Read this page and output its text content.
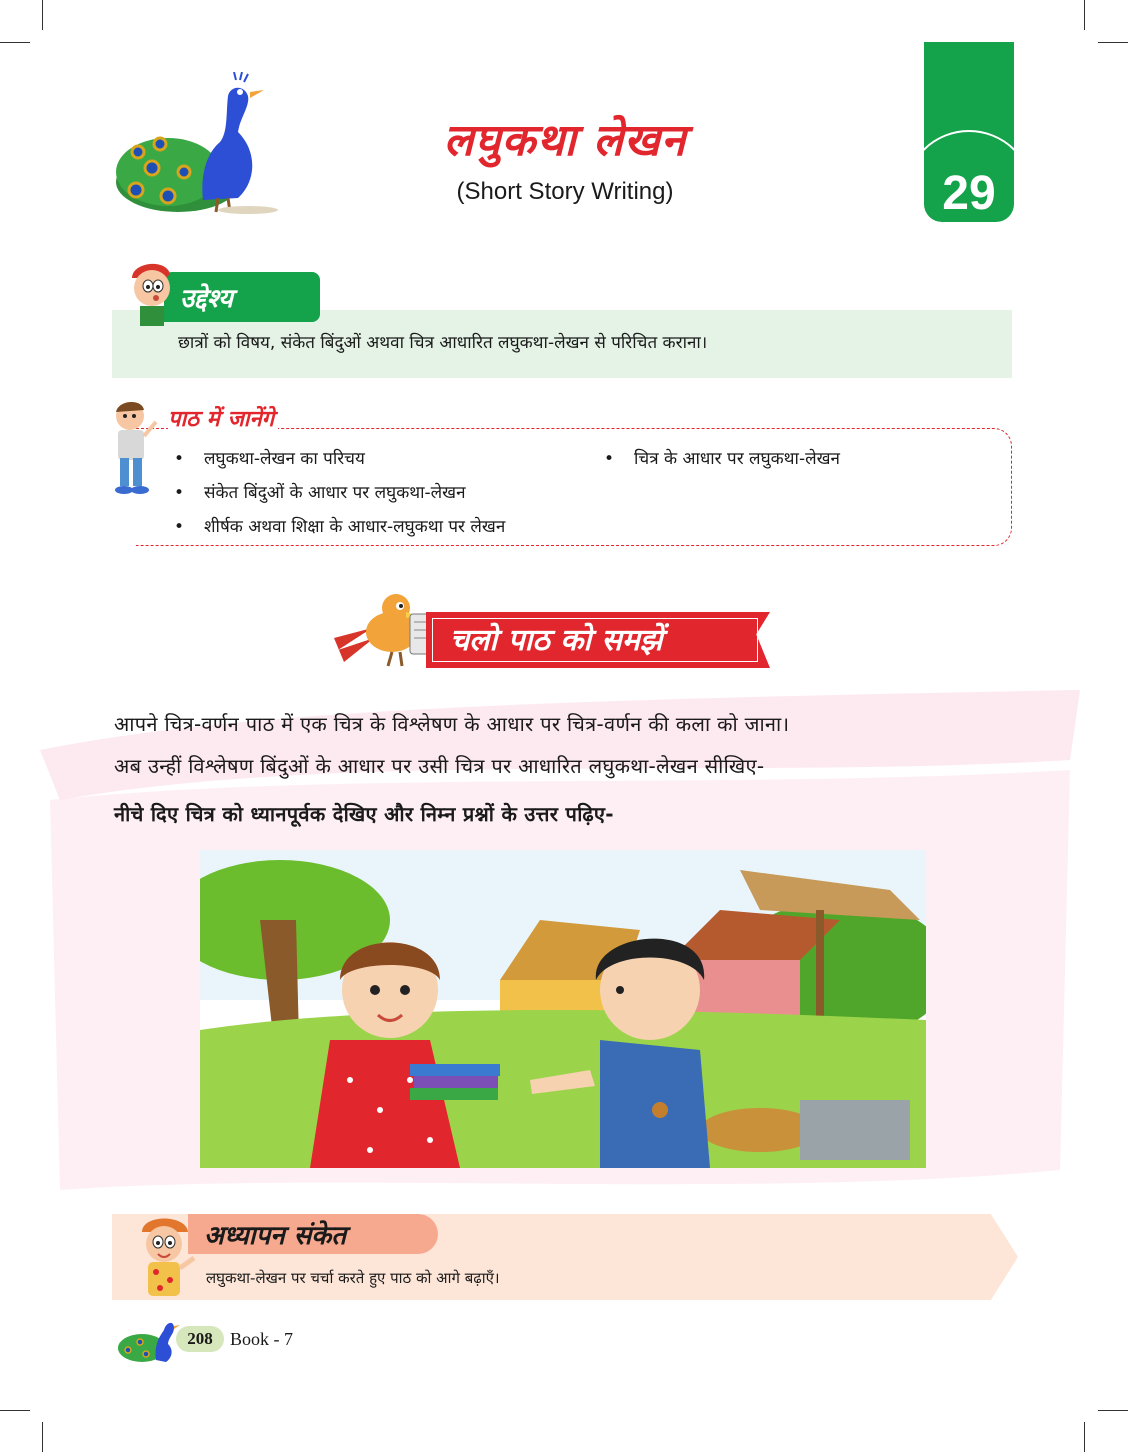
लघुकथा लेखन
(Short Story Writing)	29
उद्देश्य
छात्रों को विषय, संकेत बिंदुओं अथवा चित्र आधारित लघुकथा-लेखन से परिचित कराना।
पाठ में जानेंगे
• लघुकथा-लेखन का परिचय	• चित्र के आधार पर लघुकथा-लेखन
• संकेत बिंदुओं के आधार पर लघुकथा-लेखन
• शीर्षक अथवा शिक्षा के आधार-लघुकथा पर लेखन
चलो पाठ को समझें
आपने चित्र-वर्णन पाठ में एक चित्र के विश्लेषण के आधार पर चित्र-वर्णन की कला को जाना।
अब उन्हीं विश्लेषण बिंदुओं के आधार पर उसी चित्र पर आधारित लघुकथा-लेखन सीखिए-
नीचे दिए चित्र को ध्यानपूर्वक देखिए और निम्न प्रश्नों के उत्तर पढ़िए-
अध्यापन संकेत
लघुकथा-लेखन पर चर्चा करते हुए पाठ को आगे बढ़ाएँ।
208 Book - 7
